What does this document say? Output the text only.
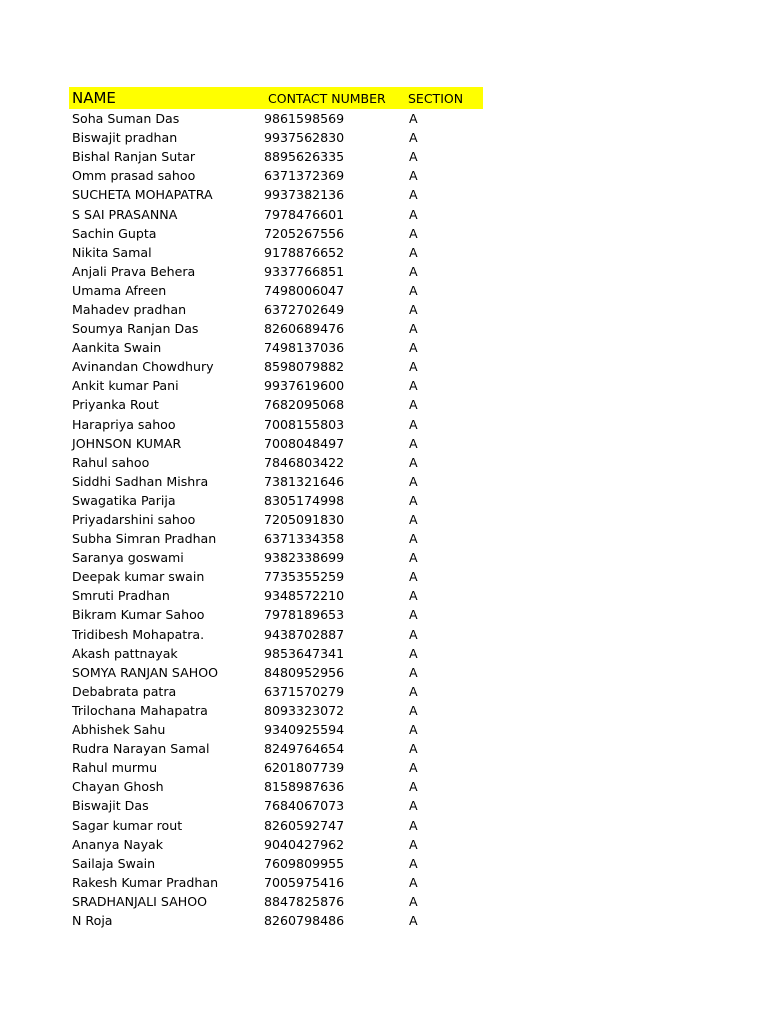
NAME	CONTACT NUMBER	SECTION
Soha Suman Das	9861598569	A
Biswajit pradhan	9937562830	A
Bishal Ranjan Sutar	8895626335	A
Omm prasad sahoo	6371372369	A
SUCHETA MOHAPATRA	9937382136	A
S SAI PRASANNA	7978476601	A
Sachin Gupta	7205267556	A
Nikita Samal	9178876652	A
Anjali Prava Behera	9337766851	A
Umama Afreen	7498006047	A
Mahadev pradhan	6372702649	A
Soumya Ranjan Das	8260689476	A
Aankita Swain	7498137036	A
Avinandan Chowdhury	8598079882	A
Ankit kumar Pani	9937619600	A
Priyanka Rout	7682095068	A
Harapriya sahoo	7008155803	A
JOHNSON KUMAR	7008048497	A
Rahul sahoo	7846803422	A
Siddhi Sadhan Mishra	7381321646	A
Swagatika Parija	8305174998	A
Priyadarshini sahoo	7205091830	A
Subha Simran Pradhan	6371334358	A
Saranya goswami	9382338699	A
Deepak kumar swain	7735355259	A
Smruti Pradhan	9348572210	A
Bikram Kumar Sahoo	7978189653	A
Tridibesh Mohapatra.	9438702887	A
Akash pattnayak	9853647341	A
SOMYA RANJAN SAHOO	8480952956	A
Debabrata patra	6371570279	A
Trilochana Mahapatra	8093323072	A
Abhishek Sahu	9340925594	A
Rudra Narayan Samal	8249764654	A
Rahul murmu	6201807739	A
Chayan Ghosh	8158987636	A
Biswajit Das	7684067073	A
Sagar kumar rout	8260592747	A
Ananya Nayak	9040427962	A
Sailaja Swain	7609809955	A
Rakesh Kumar Pradhan	7005975416	A
SRADHANJALI SAHOO	8847825876	A
N Roja	8260798486	A
